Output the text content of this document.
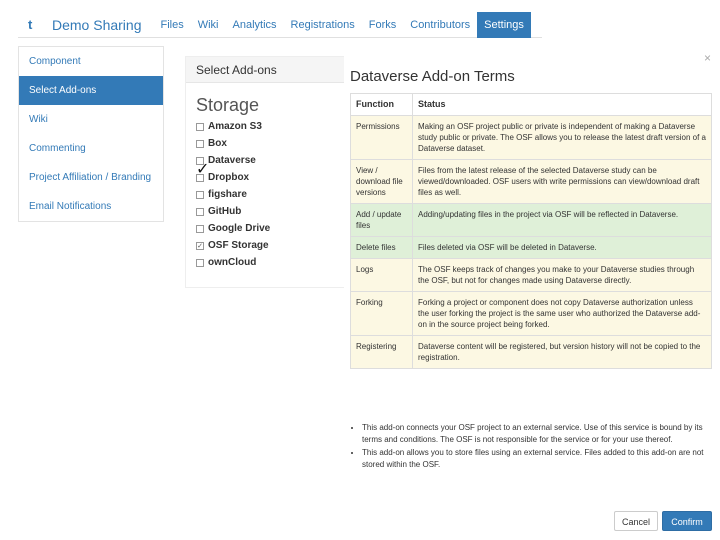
t	Demo Sharing	Files	Wiki	Analytics	Registrations	Forks	Contributors	Settings
Component
Select Add-ons
Wiki
Commenting
Project Affiliation / Branding
Email Notifications
Select Add-ons
Storage
Amazon S3
Box
Dataverse
Dropbox
figshare
GitHub
Google Drive
✓ OSF Storage
ownCloud
✓
×
Dataverse Add-on Terms
Function	Status
Permissions	Making an OSF project public or private is independent of making a Dataverse study public or private. The OSF allows you to release the latest draft version of a Dataverse dataset.
View / download file versions	Files from the latest release of the selected Dataverse study can be viewed/downloaded. OSF users with write permissions can view/download draft files as well.
Add / update files	Adding/updating files in the project via OSF will be reflected in Dataverse.
Delete files	Files deleted via OSF will be deleted in Dataverse.
Logs	The OSF keeps track of changes you make to your Dataverse studies through the OSF, but not for changes made using Dataverse directly.
Forking	Forking a project or component does not copy Dataverse authorization unless the user forking the project is the same user who authorized the Dataverse add-on in the source project being forked.
Registering	Dataverse content will be registered, but version history will not be copied to the registration.
• This add-on connects your OSF project to an external service. Use of this service is bound by its terms and conditions. The OSF is not responsible for the service or for your use thereof.
• This add-on allows you to store files using an external service. Files added to this add-on are not stored within the OSF.
Cancel	Confirm
